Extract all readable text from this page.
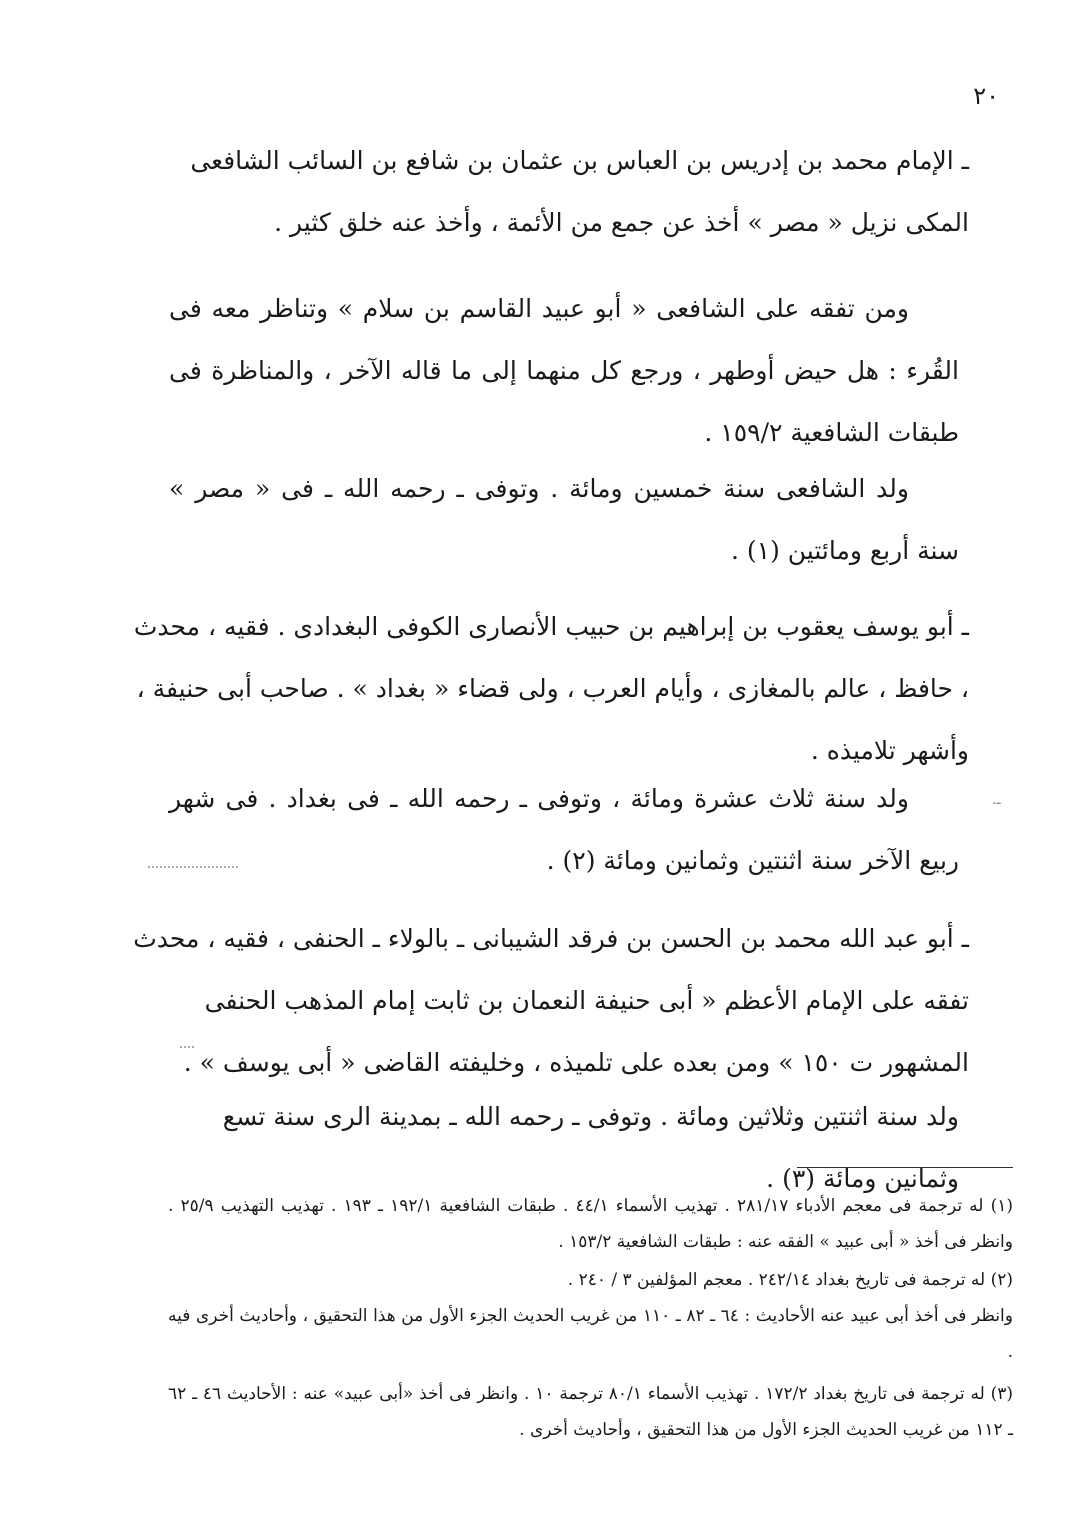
٢٠

ـ الإمام محمد بن إدريس بن العباس بن عثمان بن شافع بن السائب الشافعى المكى نزيل « مصر » أخذ عن جمع من الأئمة ، وأخذ عنه خلق كثير .

ومن تفقه على الشافعى « أبو عبيد القاسم بن سلام » وتناظر معه فى القُرء : هل حيض أوطهر ، ورجع كل منهما إلى ما قاله الآخر ، والمناظرة فى طبقات الشافعية ١٥٩/٢ .

ولد الشافعى سنة خمسين ومائة . وتوفى ـ رحمه الله ـ فى « مصر » سنة أربع ومائتين (١) .

ـ أبو يوسف يعقوب بن إبراهيم بن حبيب الأنصارى الكوفى البغدادى . فقيه ، محدث ، حافظ ، عالم بالمغازى ، وأيام العرب ، ولى قضاء « بغداد » . صاحب أبى حنيفة ، وأشهر تلاميذه .

ولد سنة ثلاث عشرة ومائة ، وتوفى ـ رحمه الله ـ فى بغداد . فى شهر ربيع الآخر سنة اثنتين وثمانين ومائة (٢) .

ـ أبو عبد الله محمد بن الحسن بن فرقد الشيبانى ـ بالولاء ـ الحنفى ، فقيه ، محدث تفقه على الإمام الأعظم « أبى حنيفة النعمان بن ثابت إمام المذهب الحنفى المشهور ت ١٥٠ » ومن بعده على تلميذه ، وخليفته القاضى « أبى يوسف » .

ولد سنة اثنتين وثلاثين ومائة . وتوفى ـ رحمه الله ـ بمدينة الرى سنة تسع وثمانين ومائة (٣) .

(١) له ترجمة فى معجم الأدباء ٢٨١/١٧ . تهذيب الأسماء ٤٤/١ . طبقات الشافعية ١٩٢/١ ـ ١٩٣ . تهذيب التهذيب ٢٥/٩ . وانظر فى أخذ « أبى عبيد » الفقه عنه : طبقات الشافعية ١٥٣/٢ .

(٢) له ترجمة فى تاريخ بغداد ٢٤٢/١٤ . معجم المؤلفين ٣ / ٢٤٠ .

وانظر فى أخذ أبى عبيد عنه الأحاديث : ٦٤ ـ ٨٢ ـ ١١٠ من غريب الحديث الجزء الأول من هذا التحقيق ، وأحاديث أخرى فيه .

(٣) له ترجمة فى تاريخ بغداد ١٧٢/٢ . تهذيب الأسماء ٨٠/١ ترجمة ١٠ . وانظر فى أخذ «أبى عبيد» عنه : الأحاديث ٤٦ ـ ٦٢ ـ ١١٢ من غريب الحديث الجزء الأول من هذا التحقيق ، وأحاديث أخرى .

ـ.
